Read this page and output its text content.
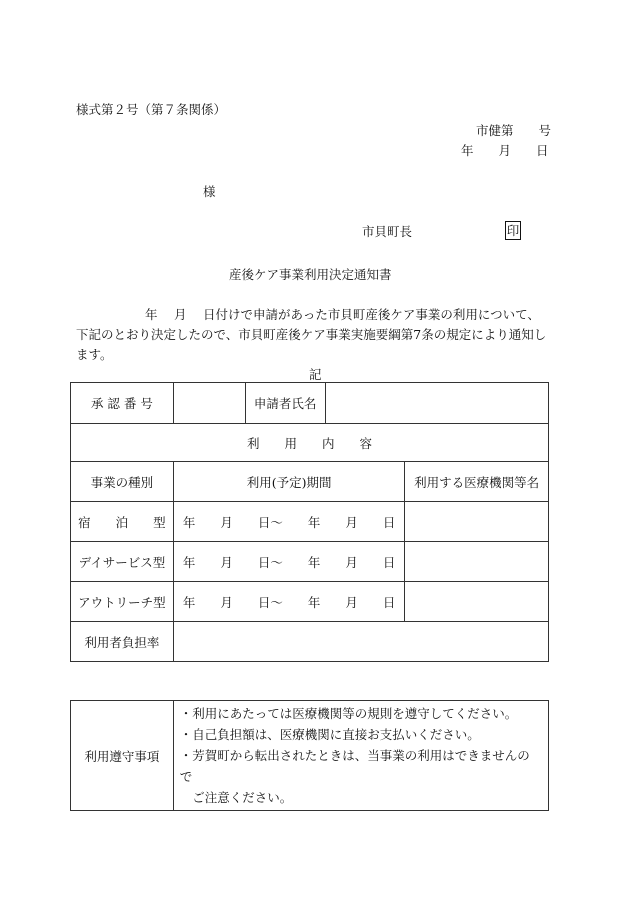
様式第２号（第７条関係）
市健第　　号
年　　月　　日
様
市貝町長	印
産後ケア事業利用決定通知書
年　 月　 日付けで申請があった市貝町産後ケア事業の利用について、
下記のとおり決定したので、市貝町産後ケア事業実施要綱第7条の規定により通知し
ます。
記
承 認 番 号		申請者氏名		
利　　用　　内　　容				
事業の種別	利用(予定)期間			利用する医療機関等名
宿　　泊　　型	年　　月　　日～　　年　　月　　日			
デイサービス型	年　　月　　日～　　年　　月　　日			
アウトリーチ型	年　　月　　日～　　年　　月　　日			
利用者負担率				
利用遵守事項	
・利用にあたっては医療機関等の規則を遵守してください。
・自己負担額は、医療機関に直接お支払いください。
・芳賀町から転出されたときは、当事業の利用はできませんので
　ご注意ください。
